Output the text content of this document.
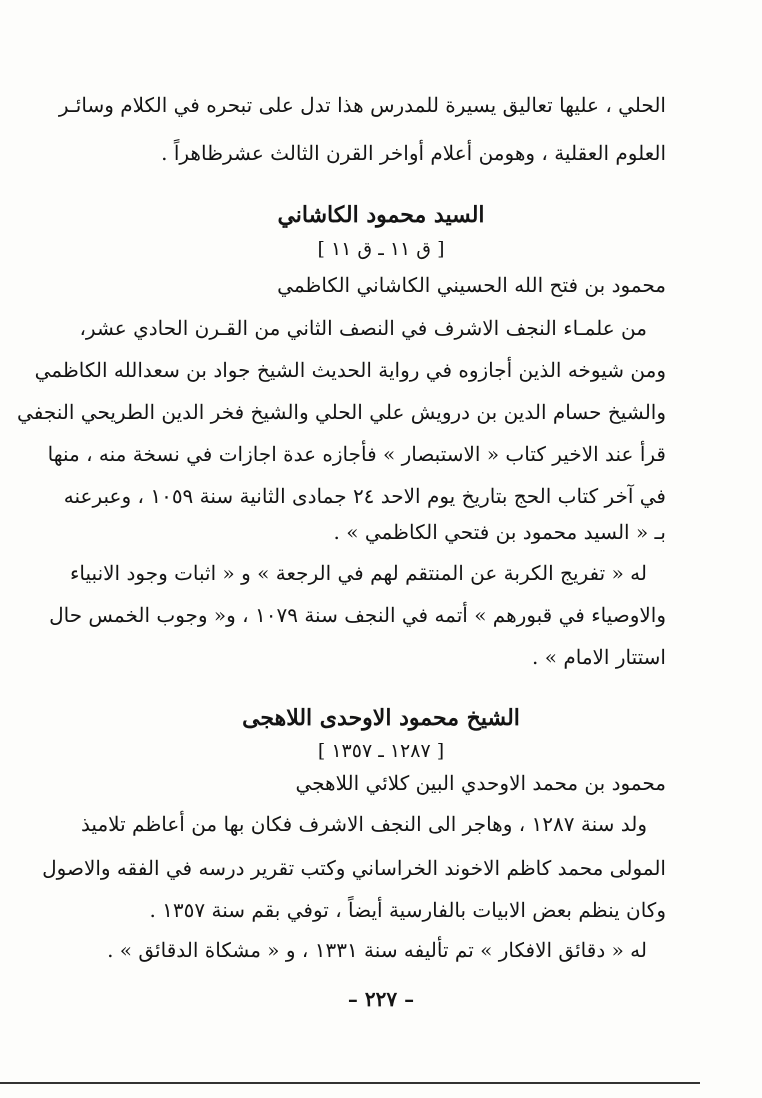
الحلي ، عليها تعاليق يسيرة للمدرس هذا تدل على تبحره في الكلام وسائـر
العلوم العقلية ، وهومن أعلام أواخر القرن الثالث عشرظاهراً .
السيد محمود الكاشاني
[ ق ١١ ـ ق ١١ ]
محمود بن فتح الله الحسيني الكاشاني الكاظمي
من علمـاء النجف الاشرف في النصف الثاني من القـرن الحادي عشر،
ومن شيوخه الذين أجازوه في رواية الحديث الشيخ جواد بن سعدالله الكاظمي
والشيخ حسام الدين بن درويش علي الحلي والشيخ فخر الدين الطريحي النجفي
قرأ عند الاخير كتاب « الاستبصار » فأجازه عدة اجازات في نسخة منه ، منها
في آخر كتاب الحج بتاريخ يوم الاحد ٢٤ جمادى الثانية سنة ١٠٥٩ ، وعبرعنه
بـ « السيد محمود بن فتحي الكاظمي » .
له « تفريج الكربة عن المنتقم لهم في الرجعة » و « اثبات وجود الانبياء
والاوصياء في قبورهم » أتمه في النجف سنة ١٠٧٩ ، و« وجوب الخمس حال
استتار الامام » .
الشيخ محمود الاوحدى اللاهجى
[ ١٢٨٧ ـ ١٣٥٧ ]
محمود بن محمد الاوحدي البين كلائي اللاهجي
ولد سنة ١٢٨٧ ، وهاجر الى النجف الاشرف فكان بها من أعاظم تلاميذ
المولى محمد كاظم الاخوند الخراساني وكتب تقرير درسه في الفقه والاصول
وكان ينظم بعض الابيات بالفارسية أيضاً ، توفي بقم سنة ١٣٥٧ .
له « دقائق الافكار » تم تأليفه سنة ١٣٣١ ، و « مشكاة الدقائق » .
– ٢٢٧ –
